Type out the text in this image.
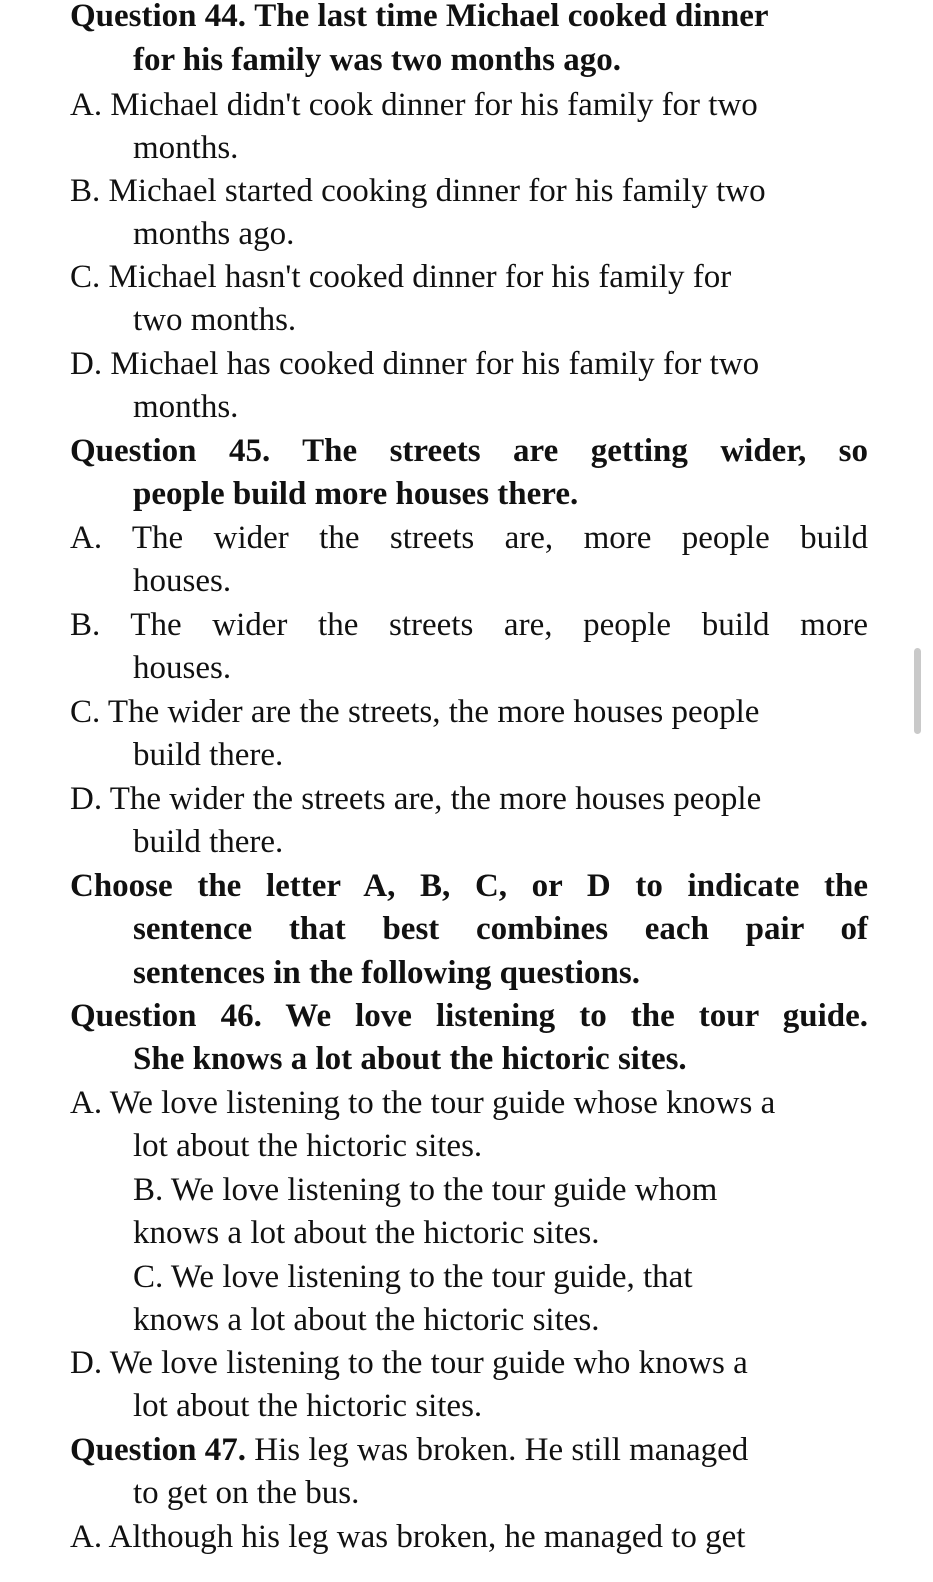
Question 44. The last time Michael cooked dinner
for his family was two months ago.
A. Michael didn't cook dinner for his family for two
months.
B. Michael started cooking dinner for his family two
months ago.
C. Michael hasn't cooked dinner for his family for
two months.
D. Michael has cooked dinner for his family for two
months.
Question 45. The streets are getting wider, so
people build more houses there.
A. The wider the streets are, more people build
houses.
B. The wider the streets are, people build more
houses.
C. The wider are the streets, the more houses people
build there.
D. The wider the streets are, the more houses people
build there.
Choose the letter A, B, C, or D to indicate the
sentence that best combines each pair of
sentences in the following questions.
Question 46. We love listening to the tour guide.
She knows a lot about the hictoric sites.
A. We love listening to the tour guide whose knows a
lot about the hictoric sites.
B. We love listening to the tour guide whom
knows a lot about the hictoric sites.
C. We love listening to the tour guide, that
knows a lot about the hictoric sites.
D. We love listening to the tour guide who knows a
lot about the hictoric sites.
Question 47. His leg was broken. He still managed
to get on the bus.
A. Although his leg was broken, he managed to get
